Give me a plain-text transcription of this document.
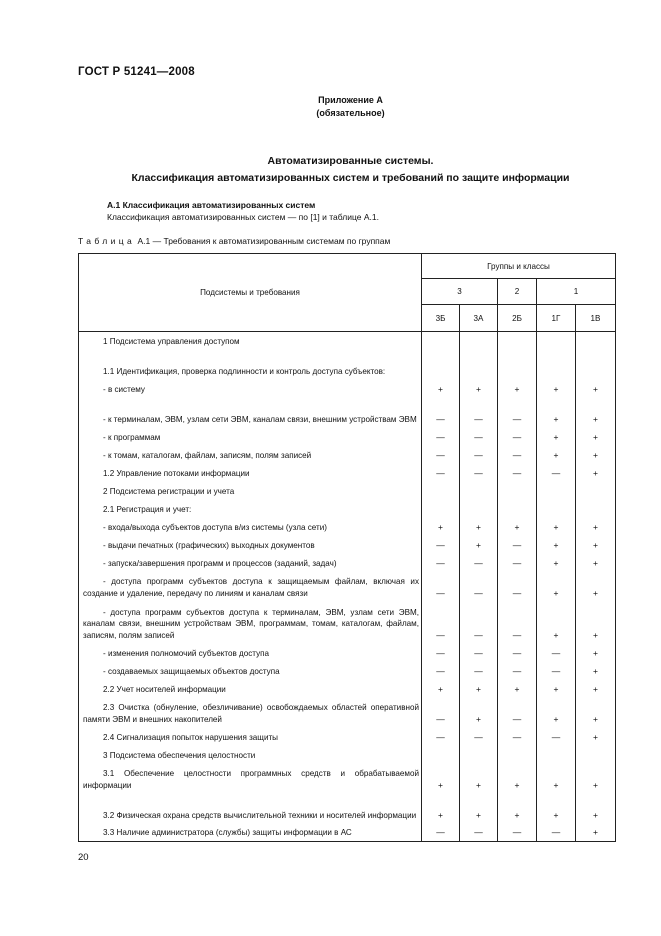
ГОСТ Р 51241—2008
Приложение А
(обязательное)
Автоматизированные системы.
Классификация автоматизированных систем и требований по защите информации
А.1 Классификация автоматизированных систем
Классификация автоматизированных систем — по [1] и таблице А.1.
Таблица А.1 — Требования к автоматизированным системам по группам
Подсистемы и требования	Группы и классы				
	3		2	1	
	3Б	3А	2Б	1Г	1В
1 Подсистема управления доступом					
1.1 Идентификация, проверка подлинности и контроль доступа субъектов:					
- в систему	+	+	+	+	+
- к терминалам, ЭВМ, узлам сети ЭВМ, каналам связи, внешним устройствам ЭВМ	—	—	—	+	+
- к программам	—	—	—	+	+
- к томам, каталогам, файлам, записям, полям записей	—	—	—	+	+
1.2 Управление потоками информации	—	—	—	—	+
2 Подсистема регистрации и учета					
2.1 Регистрация и учет:					
- входа/выхода субъектов доступа в/из системы (узла сети)	+	+	+	+	+
- выдачи печатных (графических) выходных документов	—	+	—	+	+
- запуска/завершения программ и процессов (заданий, задач)	—	—	—	+	+
- доступа программ субъектов доступа к защищаемым файлам, включая их создание и удаление, передачу по линиям и каналам связи	—	—	—	+	+
- доступа программ субъектов доступа к терминалам, ЭВМ, узлам сети ЭВМ, каналам связи, внешним устройствам ЭВМ, программам, томам, каталогам, файлам, записям, полям записей	—	—	—	+	+
- изменения полномочий субъектов доступа	—	—	—	—	+
- создаваемых защищаемых объектов доступа	—	—	—	—	+
2.2 Учет носителей информации	+	+	+	+	+
2.3 Очистка (обнуление, обезличивание) освобождаемых областей оперативной памяти ЭВМ и внешних накопителей	—	+	—	+	+
2.4 Сигнализация попыток нарушения защиты	—	—	—	—	+
3 Подсистема обеспечения целостности					
3.1 Обеспечение целостности программных средств и обрабатываемой информации	+	+	+	+	+
3.2 Физическая охрана средств вычислительной техники и носителей информации	+	+	+	+	+
3.3 Наличие администратора (службы) защиты информации в АС	—	—	—	—	+
20
